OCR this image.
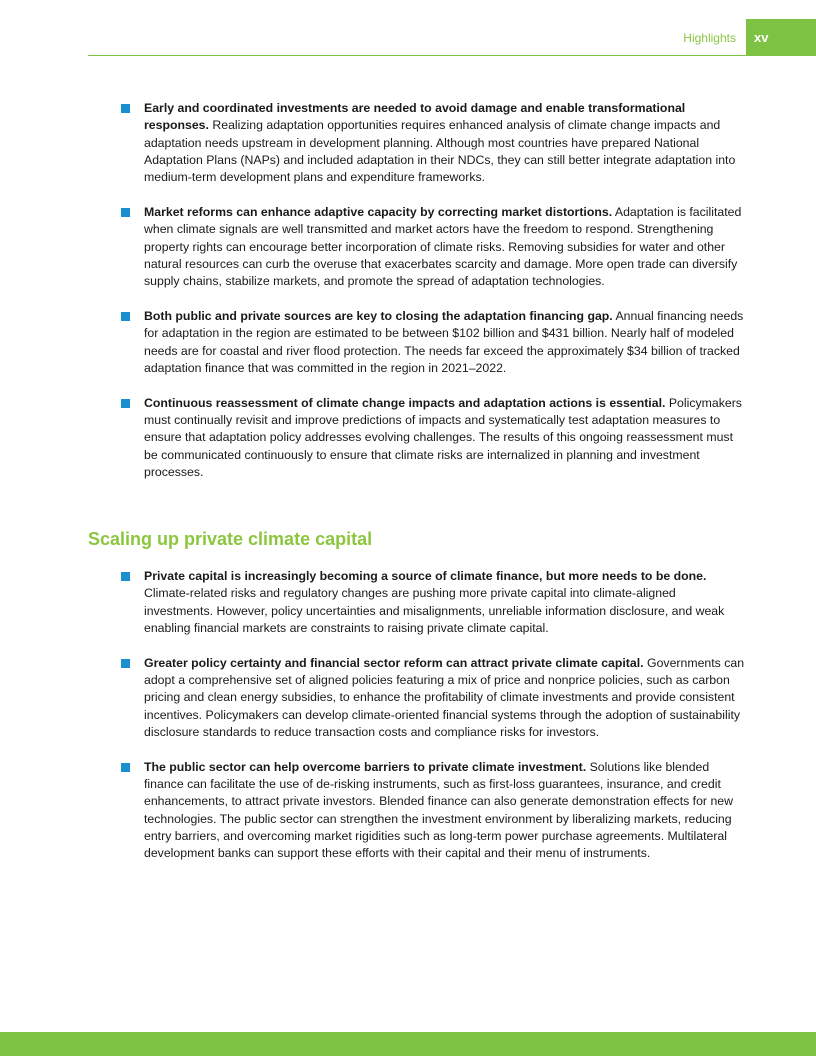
Highlights	xv
Early and coordinated investments are needed to avoid damage and enable transformational responses. Realizing adaptation opportunities requires enhanced analysis of climate change impacts and adaptation needs upstream in development planning. Although most countries have prepared National Adaptation Plans (NAPs) and included adaptation in their NDCs, they can still better integrate adaptation into medium-term development plans and expenditure frameworks.
Market reforms can enhance adaptive capacity by correcting market distortions. Adaptation is facilitated when climate signals are well transmitted and market actors have the freedom to respond. Strengthening property rights can encourage better incorporation of climate risks. Removing subsidies for water and other natural resources can curb the overuse that exacerbates scarcity and damage. More open trade can diversify supply chains, stabilize markets, and promote the spread of adaptation technologies.
Both public and private sources are key to closing the adaptation financing gap. Annual financing needs for adaptation in the region are estimated to be between $102 billion and $431 billion. Nearly half of modeled needs are for coastal and river flood protection. The needs far exceed the approximately $34 billion of tracked adaptation finance that was committed in the region in 2021–2022.
Continuous reassessment of climate change impacts and adaptation actions is essential. Policymakers must continually revisit and improve predictions of impacts and systematically test adaptation measures to ensure that adaptation policy addresses evolving challenges. The results of this ongoing reassessment must be communicated continuously to ensure that climate risks are internalized in planning and investment processes.
Scaling up private climate capital
Private capital is increasingly becoming a source of climate finance, but more needs to be done. Climate-related risks and regulatory changes are pushing more private capital into climate-aligned investments. However, policy uncertainties and misalignments, unreliable information disclosure, and weak enabling financial markets are constraints to raising private climate capital.
Greater policy certainty and financial sector reform can attract private climate capital. Governments can adopt a comprehensive set of aligned policies featuring a mix of price and nonprice policies, such as carbon pricing and clean energy subsidies, to enhance the profitability of climate investments and provide consistent incentives. Policymakers can develop climate-oriented financial systems through the adoption of sustainability disclosure standards to reduce transaction costs and compliance risks for investors.
The public sector can help overcome barriers to private climate investment. Solutions like blended finance can facilitate the use of de-risking instruments, such as first-loss guarantees, insurance, and credit enhancements, to attract private investors. Blended finance can also generate demonstration effects for new technologies. The public sector can strengthen the investment environment by liberalizing markets, reducing entry barriers, and overcoming market rigidities such as long-term power purchase agreements. Multilateral development banks can support these efforts with their capital and their menu of instruments.
